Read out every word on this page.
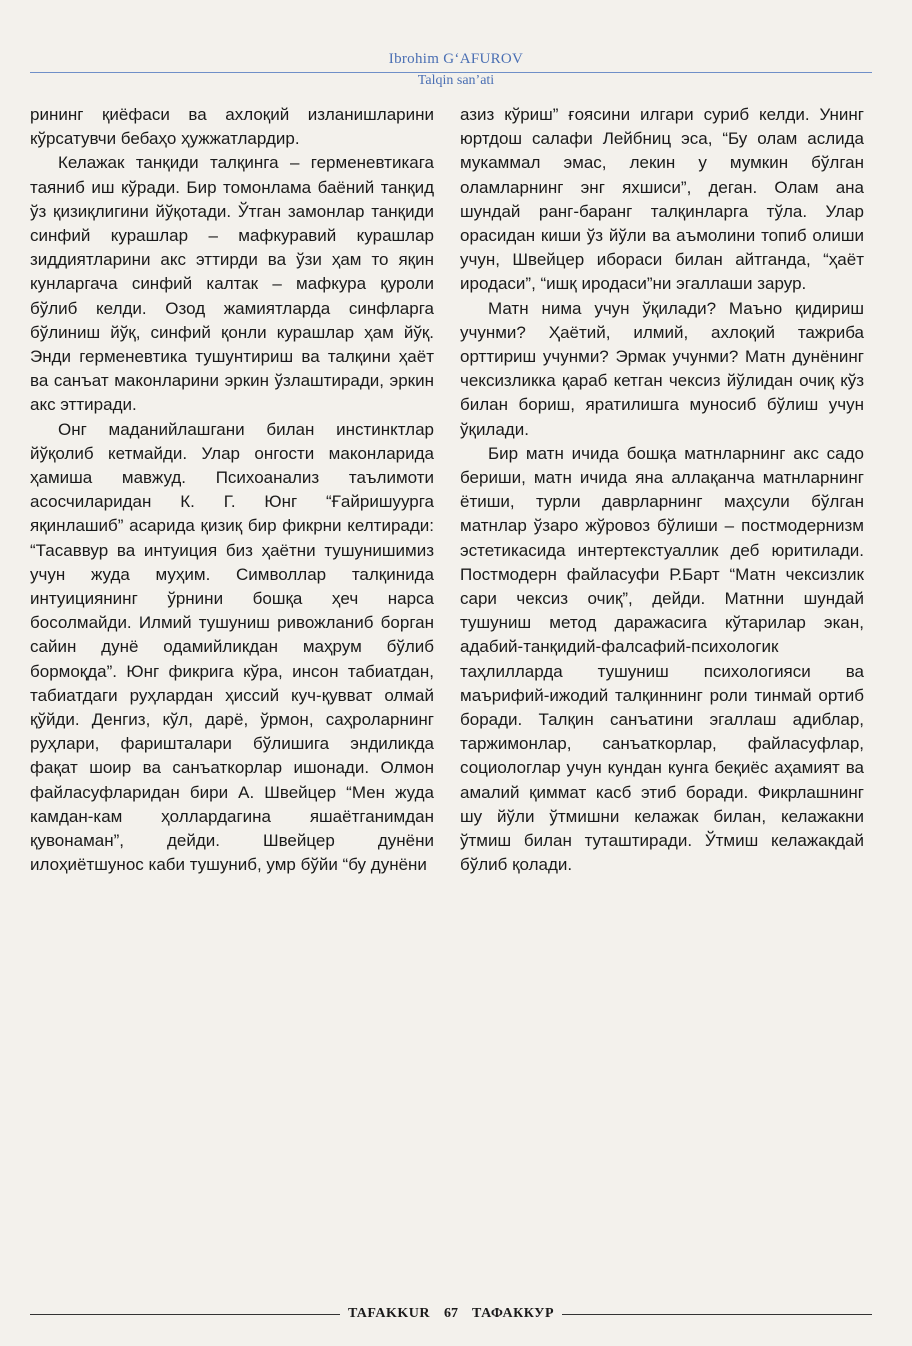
Ibrohim G‘AFUROV
Talqin san’ati

рининг қиёфаси ва ахлоқий изланишларини кўрсатувчи бебаҳо ҳужжатлардир.

Келажак танқиди талқинга – герменевтикага таяниб иш кўради. Бир томонлама баёний танқид ўз қизиқлигини йўқотади. Ўтган замонлар танқиди синфий курашлар – мафкуравий курашлар зиддиятларини акс эттирди ва ўзи ҳам то яқин кунларгача синфий калтак – мафкура қуроли бўлиб келди. Озод жамиятларда синфларга бўлиниш йўқ, синфий қонли курашлар ҳам йўқ. Энди герменевтика тушунтириш ва талқини ҳаёт ва санъат маконларини эркин ўзлаштиради, эркин акс эттиради.

Онг маданийлашгани билан инстинктлар йўқолиб кетмайди. Улар онгости маконларида ҳамиша мавжуд. Психоанализ таълимоти асосчиларидан К. Г. Юнг “Ғайришуурга яқинлашиб” асарида қизиқ бир фикрни келтиради: “Тасаввур ва интуиция биз ҳаётни тушунишимиз учун жуда муҳим. Символлар талқинида интуициянинг ўрнини бошқа ҳеч нарса босолмайди. Илмий тушуниш ривожланиб борган сайин дунё одамийликдан маҳрум бўлиб бормоқда”. Юнг фикрига кўра, инсон табиатдан, табиатдаги руҳлардан ҳиссий куч-қувват олмай қўйди. Денгиз, кўл, дарё, ўрмон, саҳроларнинг руҳлари, фаришталари бўлишига эндиликда фақат шоир ва санъаткорлар ишонади. Олмон файласуфларидан бири А. Швейцер “Мен жуда камдан-кам ҳоллардагина яшаётганимдан қувонаман”, дейди. Швейцер дунёни илоҳиётшунос каби тушуниб, умр бўйи “бу дунёни

азиз кўриш” ғоясини илгари суриб келди. Унинг юртдош салафи Лейбниц эса, “Бу олам аслида мукаммал эмас, лекин у мумкин бўлган оламларнинг энг яхшиси”, деган. Олам ана шундай ранг-баранг талқинларга тўла. Улар орасидан киши ўз йўли ва аъмолини топиб олиши учун, Швейцер ибораси билан айтганда, “ҳаёт иродаси”, “ишқ иродаси”ни эгаллаши зарур.

Матн нима учун ўқилади? Маъно қидириш учунми? Ҳаётий, илмий, ахлоқий тажриба орттириш учунми? Эрмак учунми? Матн дунёнинг чексизликка қараб кетган чексиз йўлидан очиқ кўз билан бориш, яратилишга муносиб бўлиш учун ўқилади.

Бир матн ичида бошқа матнларнинг акс садо бериши, матн ичида яна аллақанча матнларнинг ётиши, турли даврларнинг маҳсули бўлган матнлар ўзаро жўровоз бўлиши – постмодернизм эстетикасида интертекстуаллик деб юритилади. Постмодерн файласуфи Р.Барт “Матн чексизлик сари чексиз очиқ”, дейди. Матнни шундай тушуниш метод даражасига кўтарилар экан, адабий-танқидий-фалсафий-психологик таҳлилларда тушуниш психологияси ва маърифий-ижодий талқиннинг роли тинмай ортиб боради. Талқин санъатини эгаллаш адиблар, таржимонлар, санъаткорлар, файласуфлар, социологлар учун кундан кунга беқиёс аҳамият ва амалий қиммат касб этиб боради. Фикрлашнинг шу йўли ўтмишни келажак билан, келажакни ўтмиш билан туташтиради. Ўтмиш келажакдай бўлиб қолади.

TAFAKKUR	67	ТАФАККУР
